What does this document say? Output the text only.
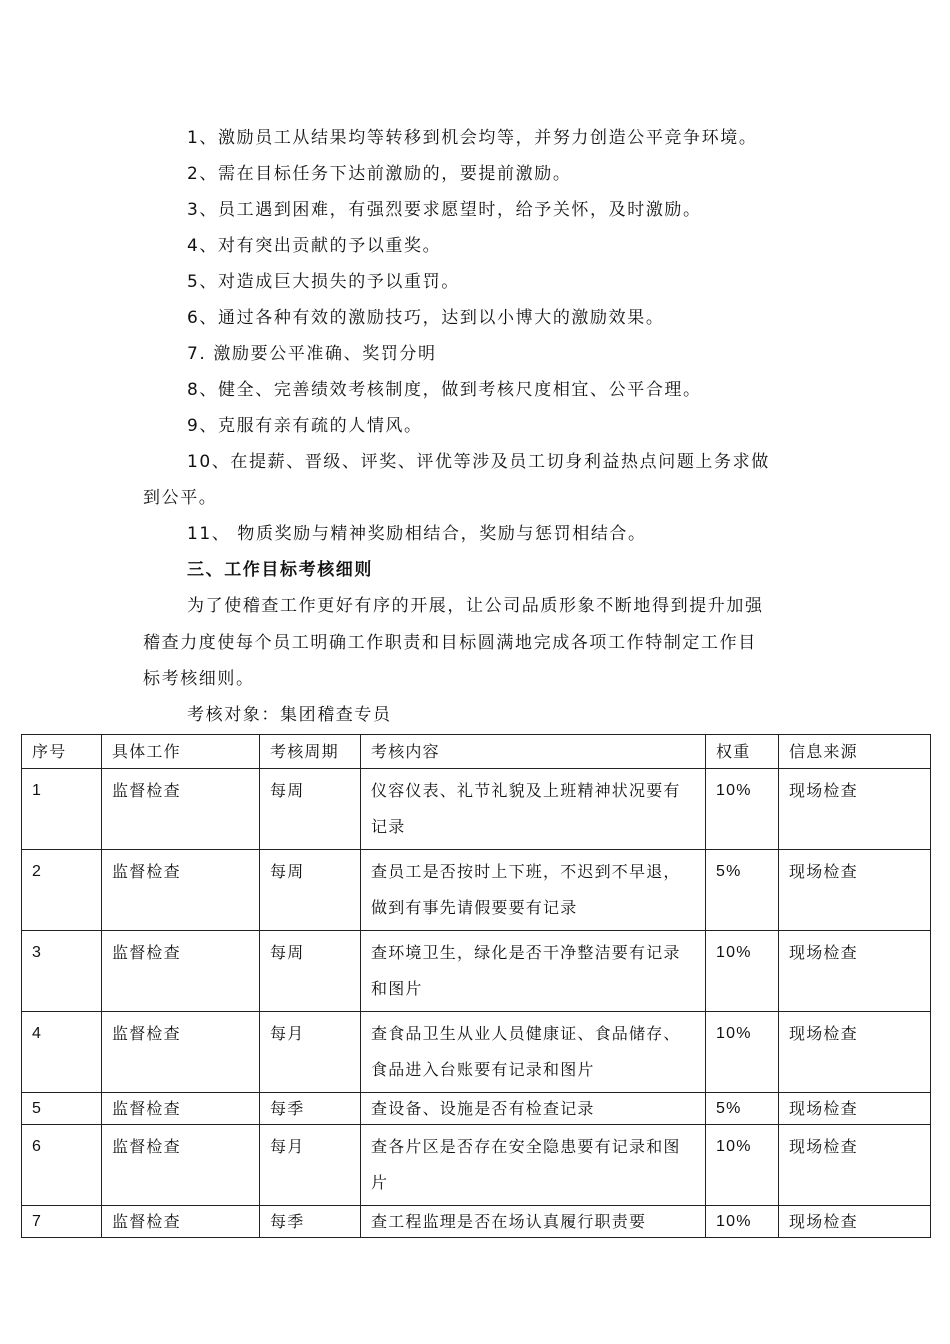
1、激励员工从结果均等转移到机会均等，并努力创造公平竞争环境。
2、需在目标任务下达前激励的，要提前激励。
3、员工遇到困难，有强烈要求愿望时，给予关怀，及时激励。
4、对有突出贡献的予以重奖。
5、对造成巨大损失的予以重罚。
6、通过各种有效的激励技巧，达到以小博大的激励效果。
7. 激励要公平准确、奖罚分明
8、健全、完善绩效考核制度，做到考核尺度相宜、公平合理。
9、克服有亲有疏的人情风。
10、在提薪、晋级、评奖、评优等涉及员工切身利益热点问题上务求做
到公平。
11、 物质奖励与精神奖励相结合，奖励与惩罚相结合。
三、工作目标考核细则
为了使稽查工作更好有序的开展，让公司品质形象不断地得到提升加强
稽查力度使每个员工明确工作职责和目标圆满地完成各项工作特制定工作目
标考核细则。
考核对象：集团稽查专员
序号	具体工作	考核周期	考核内容	权重	信息来源
1	监督检查	每周	仪容仪表、礼节礼貌及上班精神状况要有记录	10%	现场检查
2	监督检查	每周	查员工是否按时上下班，不迟到不早退，做到有事先请假要要有记录	5%	现场检查
3	监督检查	每周	查环境卫生，绿化是否干净整洁要有记录和图片	10%	现场检查
4	监督检查	每月	查食品卫生从业人员健康证、食品储存、食品进入台账要有记录和图片	10%	现场检查
5	监督检查	每季	查设备、设施是否有检查记录	5%	现场检查
6	监督检查	每月	查各片区是否存在安全隐患要有记录和图片	10%	现场检查
7	监督检查	每季	查工程监理是否在场认真履行职责要	10%	现场检查
